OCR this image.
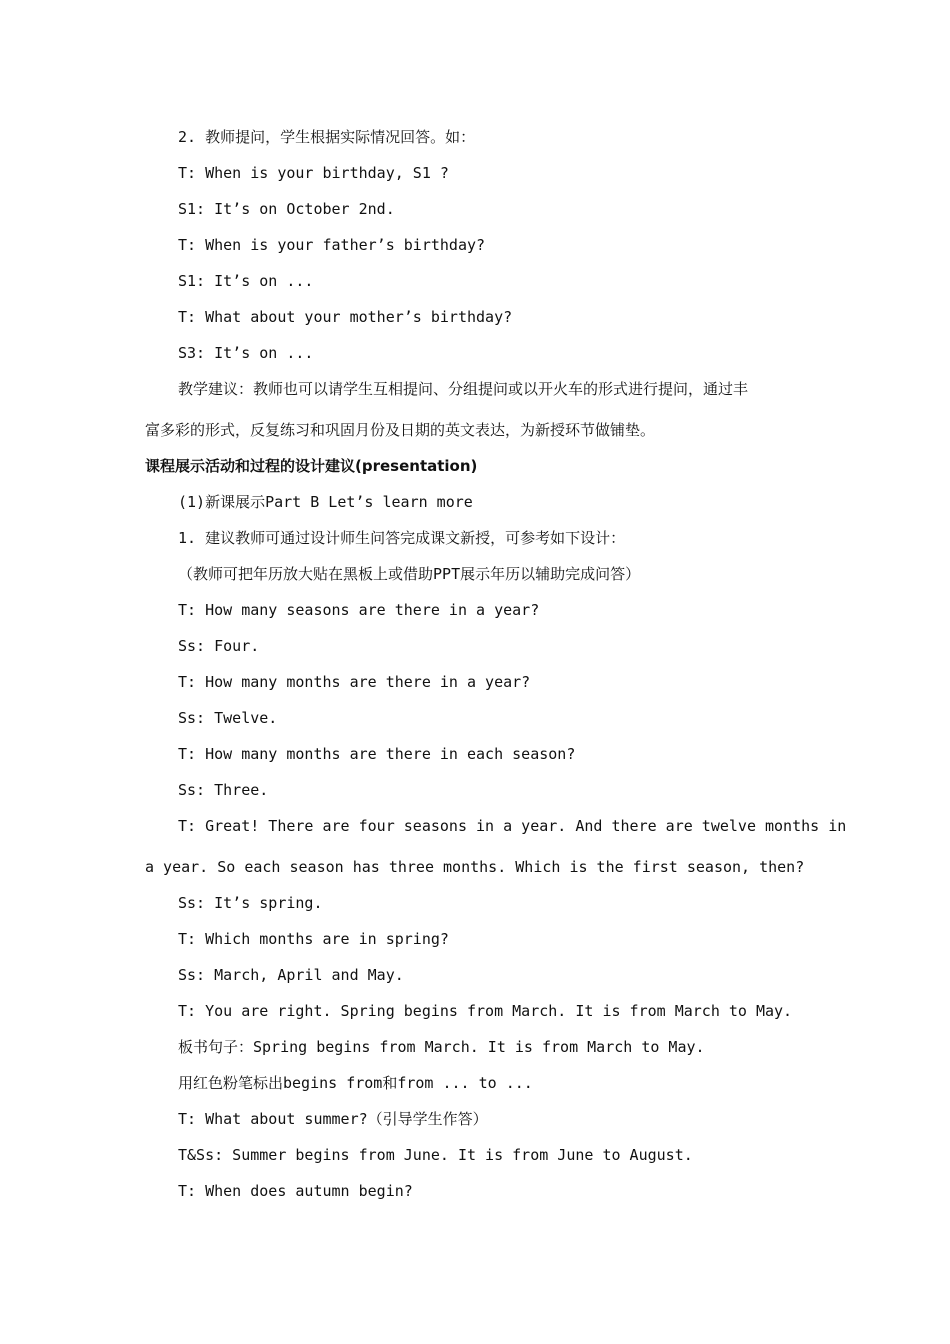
2. 教师提问，学生根据实际情况回答。如：
T: When is your birthday, S1 ?
S1: It’s on October 2nd.
T: When is your father’s birthday?
S1: It’s on ...
T: What about your mother’s birthday?
S3: It’s on ...
教学建议：教师也可以请学生互相提问、分组提问或以开火车的形式进行提问，通过丰
富多彩的形式，反复练习和巩固月份及日期的英文表达，为新授环节做铺垫。
课程展示活动和过程的设计建议(presentation)
(1)新课展示Part B Let’s learn more
1. 建议教师可通过设计师生问答完成课文新授，可参考如下设计：
（教师可把年历放大贴在黑板上或借助PPT展示年历以辅助完成问答）
T: How many seasons are there in a year?
Ss: Four.
T: How many months are there in a year?
Ss: Twelve.
T: How many months are there in each season?
Ss: Three.
T: Great! There are four seasons in a year. And there are twelve months in
a year. So each season has three months. Which is the first season, then?
Ss: It’s spring.
T: Which months are in spring?
Ss: March, April and May.
T: You are right. Spring begins from March. It is from March to May.
板书句子：Spring begins from March. It is from March to May.
用红色粉笔标出begins from和from ... to ...
T: What about summer?（引导学生作答）
T&Ss: Summer begins from June. It is from June to August.
T: When does autumn begin?
